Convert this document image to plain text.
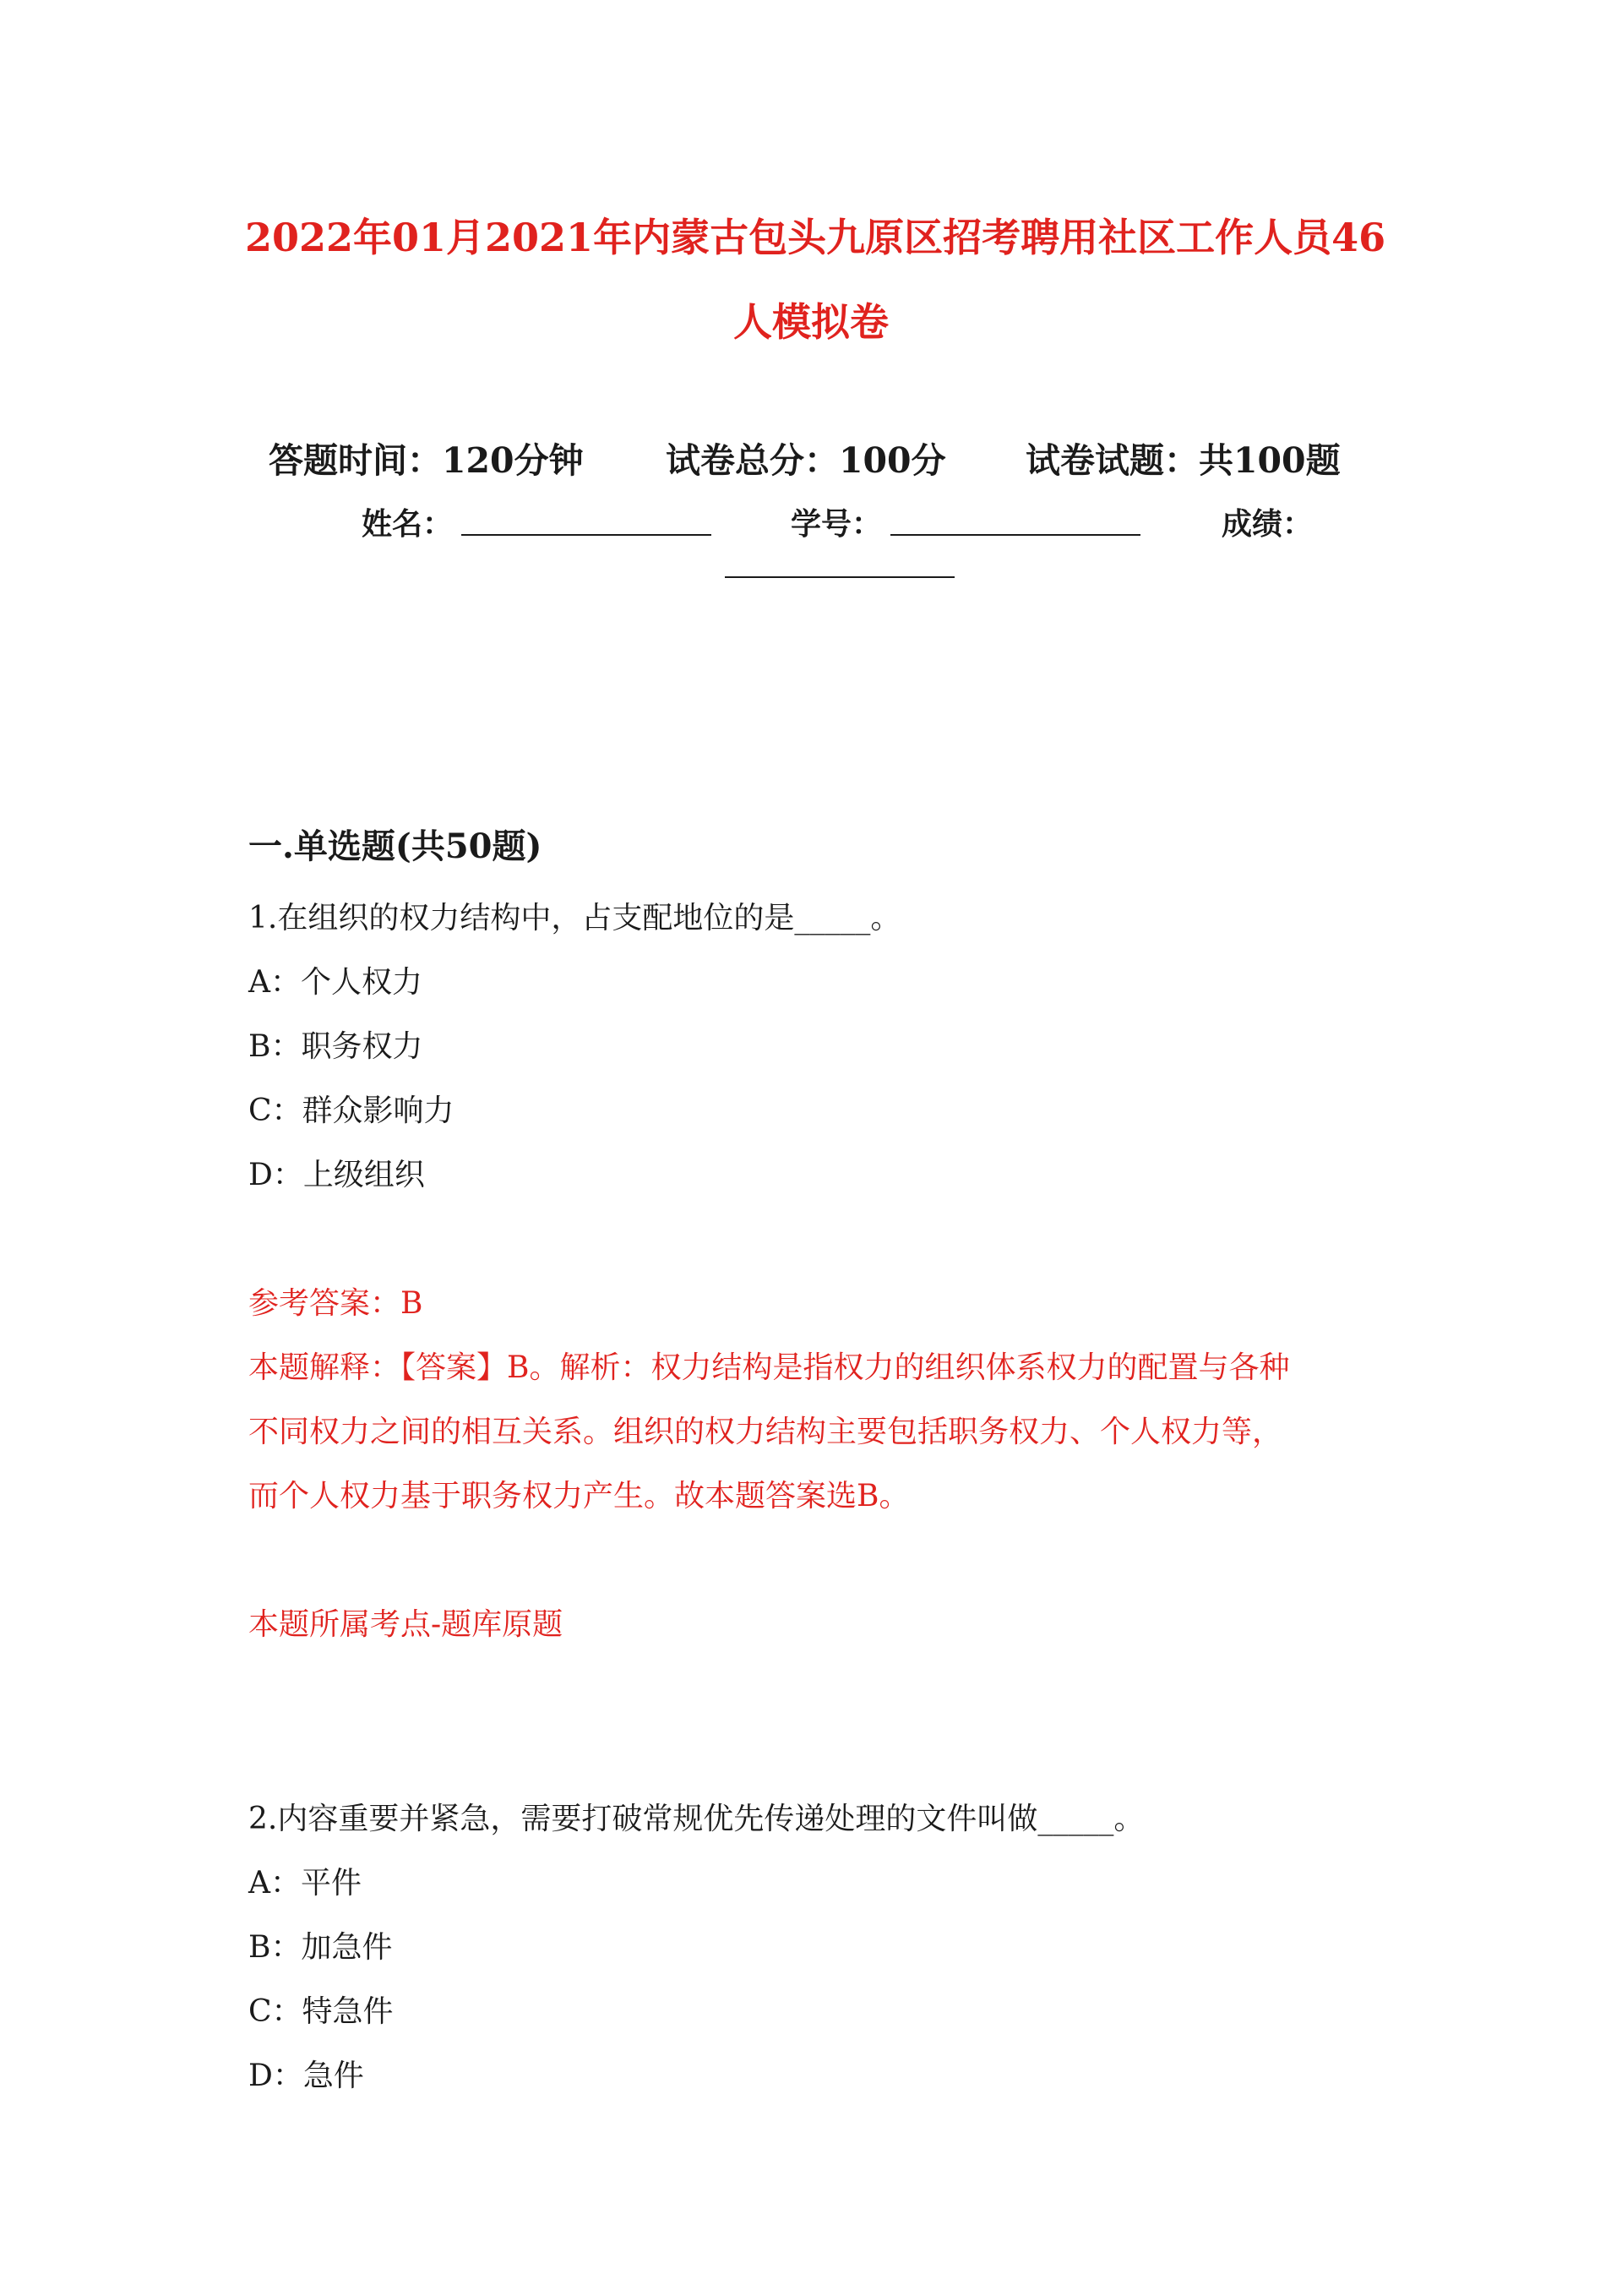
2022年01月2021年内蒙古包头九原区招考聘用社区工作人员46
人模拟卷
答题时间：120分钟 试卷总分：100分 试卷试题：共100题
姓名：	学号：	成绩：
一.单选题(共50题)
1.在组织的权力结构中，占支配地位的是_____。
A：个人权力
B：职务权力
C：群众影响力
D：上级组织
参考答案：B
本题解释：【答案】B。解析：权力结构是指权力的组织体系权力的配置与各种
不同权力之间的相互关系。组织的权力结构主要包括职务权力、个人权力等，
而个人权力基于职务权力产生。故本题答案选B。
本题所属考点-题库原题
2.内容重要并紧急，需要打破常规优先传递处理的文件叫做_____。
A：平件
B：加急件
C：特急件
D：急件
